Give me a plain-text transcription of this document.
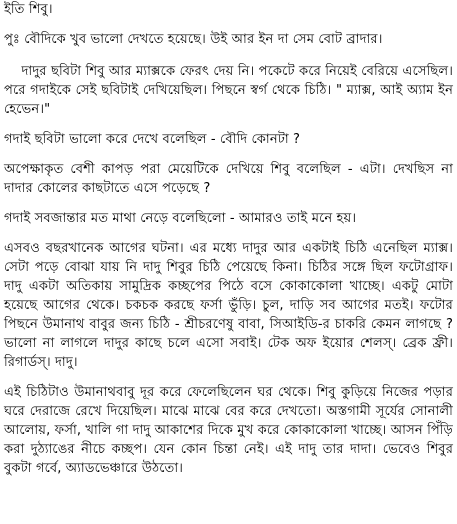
ইতি শিবু।

পুঃ বৌদিকে খুব ভালো দেখতে হয়েছে। উই আর ইন দা সেম বোট ব্রাদার।

দাদুর ছবিটা শিবু আর ম্যাক্সকে ফেরৎ দেয় নি। পকেটে করে নিয়েই বেরিয়ে এসেছিল। পরে গদাইকে সেই ছবিটাই দেখিয়েছিল। পিছনে স্বর্গ থেকে চিঠি। " ম্যাক্স, আই অ্যাম ইন হেভেন।"

গদাই ছবিটা ভালো করে দেখে বলেছিল - বৌদি কোনটা ?

অপেক্ষাকৃত বেশী কাপড় পরা মেয়েটিকে দেখিয়ে শিবু বলেছিল - এটা। দেখছিস না দাদার কোলের কাছটাতে এসে পড়েছে ?

গদাই সবজান্তার মত মাথা নেড়ে বলেছিলো - আমারও তাই মনে হয়।

এসবও বছরখানেক আগের ঘটনা। এর মধ্যে দাদুর আর একটাই চিঠি এনেছিল ম্যাক্স। সেটা পড়ে বোঝা যায় নি দাদু শিবুর চিঠি পেয়েছে কিনা। চিঠির সঙ্গে ছিল ফটোগ্রাফ। দাদু একটা অতিকায় সামুদ্রিক কচ্ছপের পিঠে বসে কোকাকোলা খাচ্ছে। একটু মোটা হয়েছে আগের থেকে। চকচক করছে ফর্সা ভুঁড়ি। চুল, দাড়ি সব আগের মতই। ফটোর পিছনে উমানাথ বাবুর জন্য চিঠি - শ্রীচরণেষু বাবা, সিআইডি-র চাকরি কেমন লাগছে ? ভালো না লাগলে দাদুর কাছে চলে এসো সবাই। টেক অফ ইয়োর শেলস্। ব্রেক ফ্রী। রিগার্ডস্। দাদু।

এই চিঠিটাও উমানাথবাবু দূর করে ফেলেছিলেন ঘর থেকে। শিবু কুড়িয়ে নিজের পড়ার ঘরে দেরাজে রেখে দিয়েছিল। মাঝে মাঝে বের করে দেখতো। অস্তগামী সূর্যের সোনালী আলোয়, ফর্সা, খালি গা দাদু আকাশের দিকে মুখ করে কোকাকোলা খাচ্ছে। আসন পিঁড়ি করা দুঠ্যাঙের নীচে কচ্ছপ। যেন কোন চিন্তা নেই। এই দাদু তার দাদা। ভেবেও শিবুর বুকটা গর্বে, অ্যাডভেঞ্চারে উঠতো।
